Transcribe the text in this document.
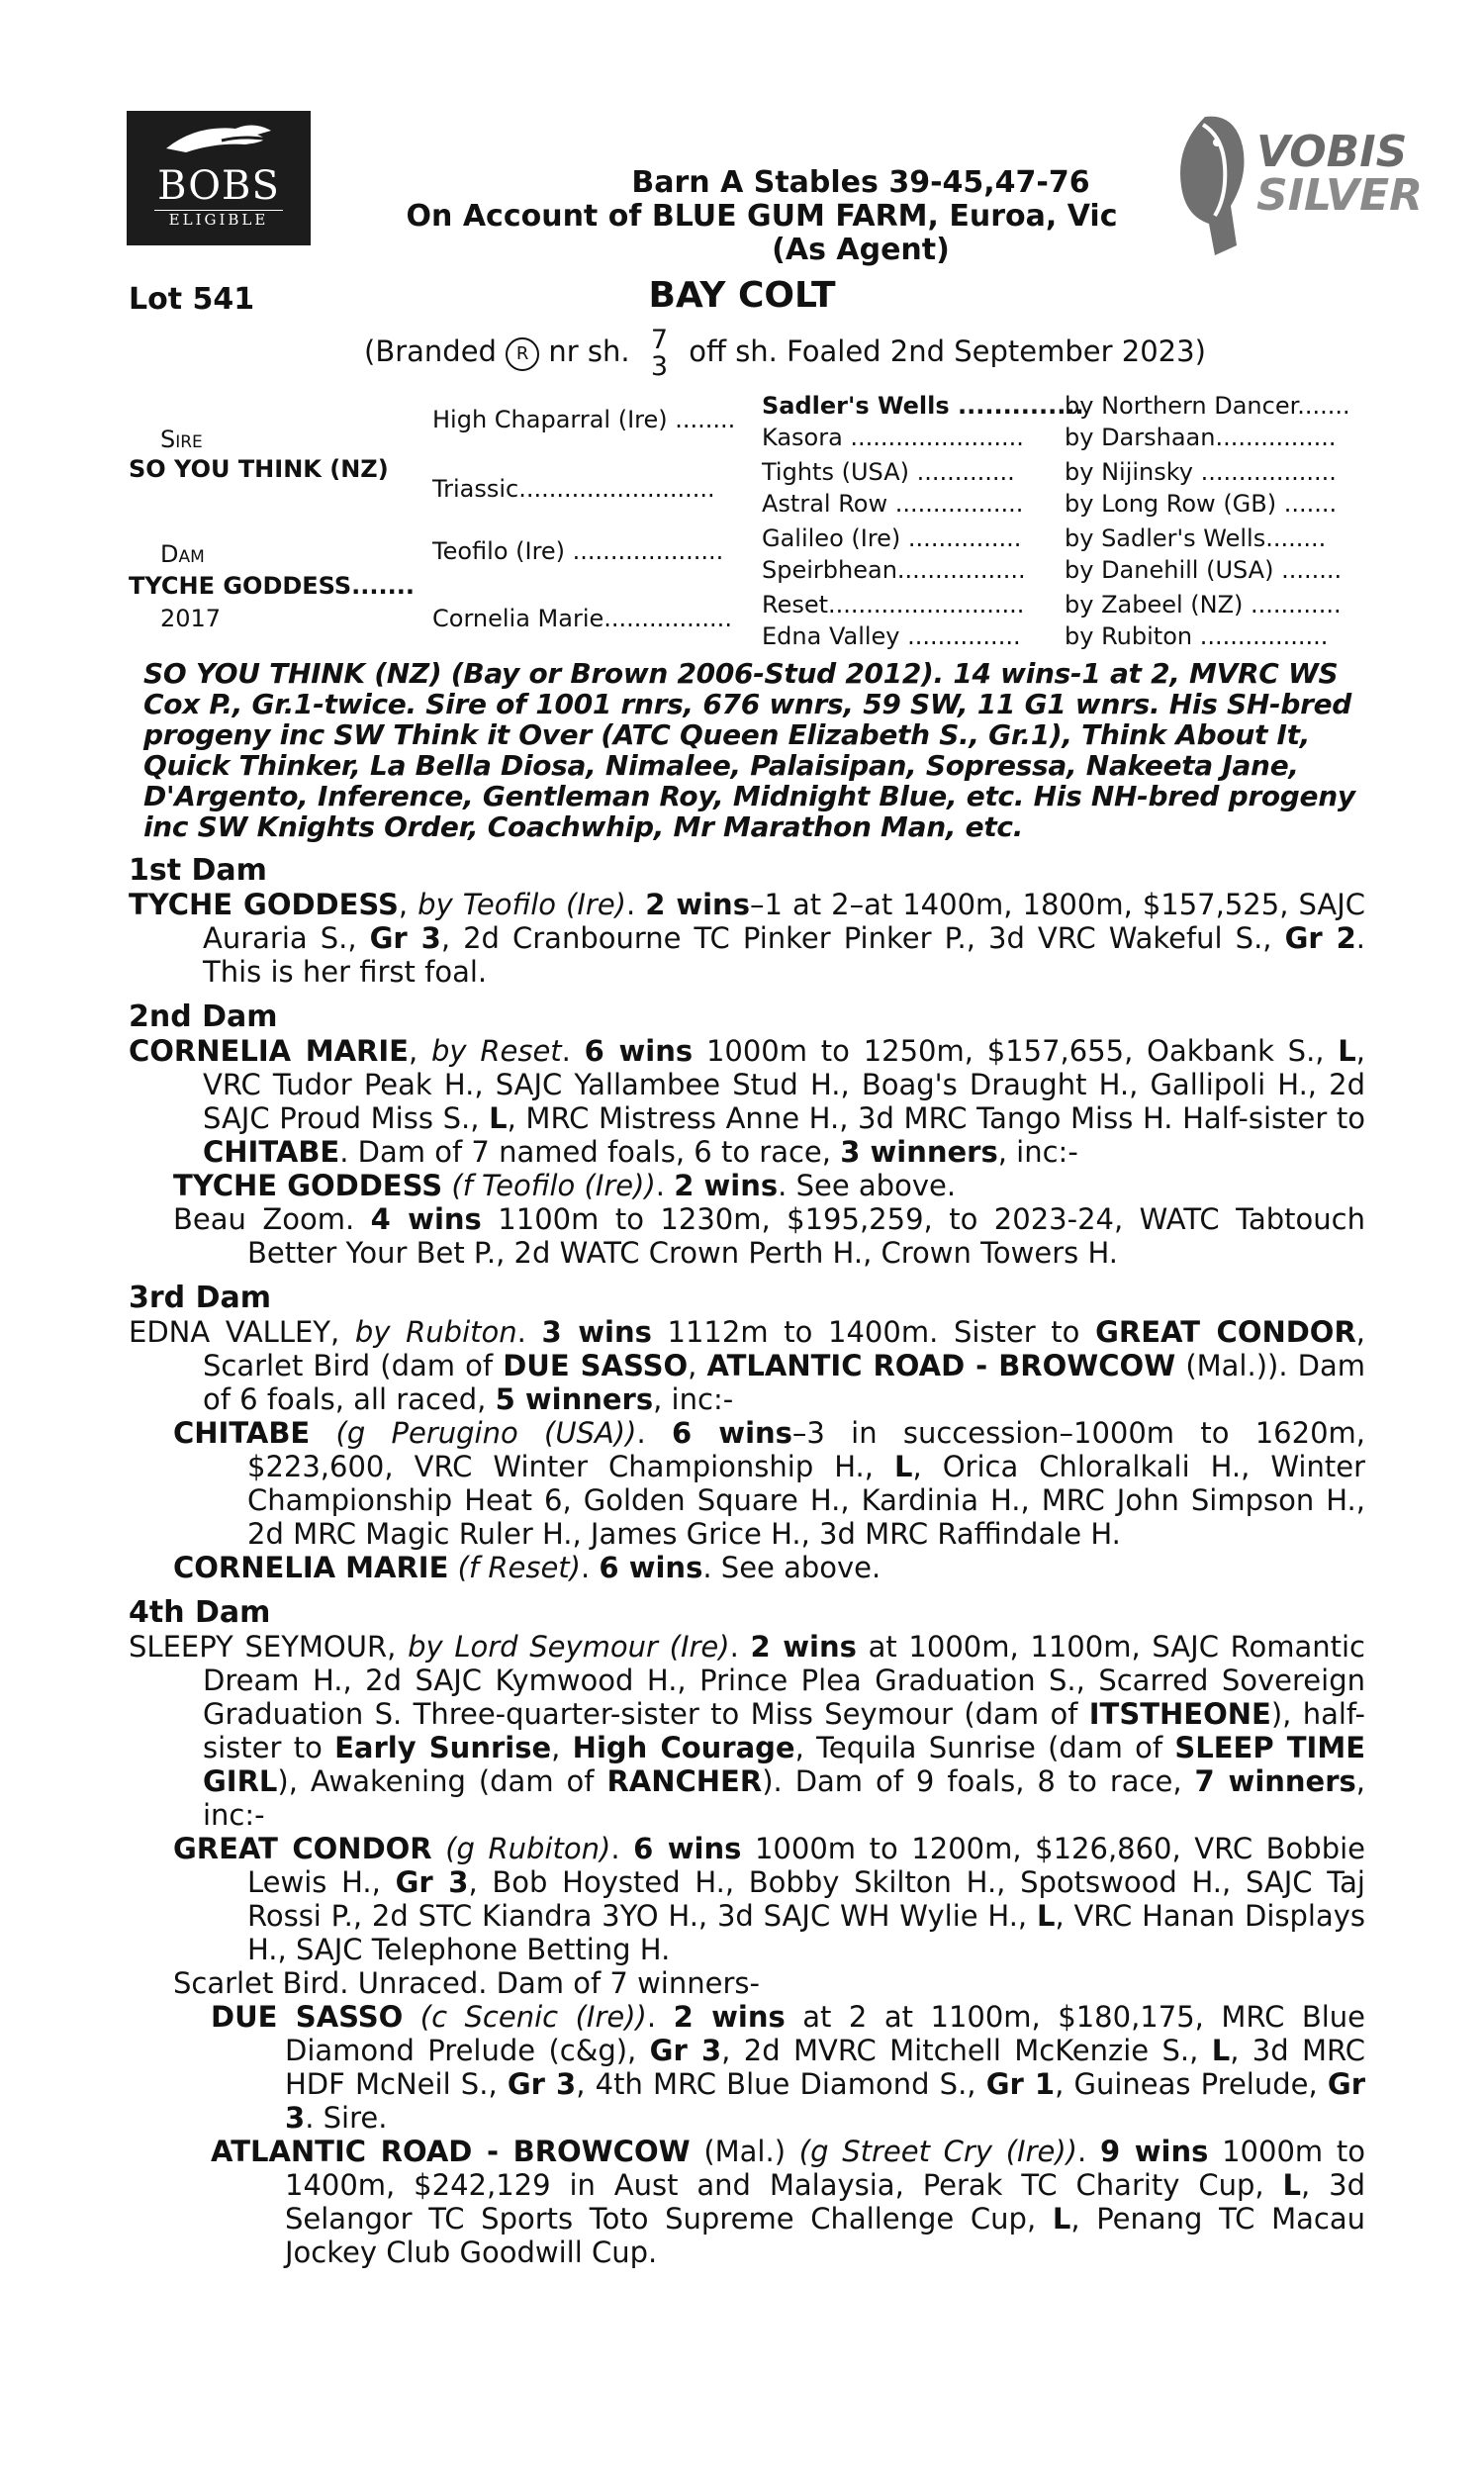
BOBS
ELIGIBLE
VOBIS
SILVER
Barn A Stables 39-45,47-76
On Account of BLUE GUM FARM, Euroa, Vic
(As Agent)
Lot 541	BAY COLT
(Branded R nr sh. 7
3 off sh. Foaled 2nd September 2023)
Sire
SO YOU THINK (NZ)
Dam
TYCHE GODDESS.......
2017
High Chaparral (Ire) ........
Triassic..........................
Teofilo (Ire) ....................
Cornelia Marie.................
Sadler's Wells ..............
Kasora .......................
Tights (USA) .............
Astral Row .................
Galileo (Ire) ...............
Speirbhean.................
Reset..........................
Edna Valley ...............
by Northern Dancer.......
by Darshaan................
by Nijinsky ..................
by Long Row (GB) .......
by Sadler's Wells........
by Danehill (USA) ........
by Zabeel (NZ) ............
by Rubiton .................
SO YOU THINK (NZ) (Bay or Brown 2006-Stud 2012). 14 wins-1 at 2, MVRC WS Cox P., Gr.1-twice. Sire of 1001 rnrs, 676 wnrs, 59 SW, 11 G1 wnrs. His SH-bred progeny inc SW Think it Over (ATC Queen Elizabeth S., Gr.1), Think About It, Quick Thinker, La Bella Diosa, Nimalee, Palaisipan, Sopressa, Nakeeta Jane, D'Argento, Inference, Gentleman Roy, Midnight Blue, etc. His NH-bred progeny inc SW Knights Order, Coachwhip, Mr Marathon Man, etc.
1st Dam
TYCHE GODDESS, by Teofilo (Ire). 2 wins–1 at 2–at 1400m, 1800m, $157,525, SAJC Auraria S., Gr 3, 2d Cranbourne TC Pinker Pinker P., 3d VRC Wakeful S., Gr 2. This is her first foal.
2nd Dam
CORNELIA MARIE, by Reset. 6 wins 1000m to 1250m, $157,655, Oakbank S., L, VRC Tudor Peak H., SAJC Yallambee Stud H., Boag's Draught H., Gallipoli H., 2d SAJC Proud Miss S., L, MRC Mistress Anne H., 3d MRC Tango Miss H. Half-sister to CHITABE. Dam of 7 named foals, 6 to race, 3 winners, inc:-
TYCHE GODDESS (f Teofilo (Ire)). 2 wins. See above.
Beau Zoom. 4 wins 1100m to 1230m, $195,259, to 2023-24, WATC Tabtouch Better Your Bet P., 2d WATC Crown Perth H., Crown Towers H.
3rd Dam
EDNA VALLEY, by Rubiton. 3 wins 1112m to 1400m. Sister to GREAT CONDOR, Scarlet Bird (dam of DUE SASSO, ATLANTIC ROAD - BROWCOW (Mal.)). Dam of 6 foals, all raced, 5 winners, inc:-
CHITABE (g Perugino (USA)). 6 wins–3 in succession–1000m to 1620m, $223,600, VRC Winter Championship H., L, Orica Chloralkali H., Winter Championship Heat 6, Golden Square H., Kardinia H., MRC John Simpson H., 2d MRC Magic Ruler H., James Grice H., 3d MRC Raffindale H.
CORNELIA MARIE (f Reset). 6 wins. See above.
4th Dam
SLEEPY SEYMOUR, by Lord Seymour (Ire). 2 wins at 1000m, 1100m, SAJC Romantic Dream H., 2d SAJC Kymwood H., Prince Plea Graduation S., Scarred Sovereign Graduation S. Three-quarter-sister to Miss Seymour (dam of ITSTHEONE), half-sister to Early Sunrise, High Courage, Tequila Sunrise (dam of SLEEP TIME GIRL), Awakening (dam of RANCHER). Dam of 9 foals, 8 to race, 7 winners, inc:-
GREAT CONDOR (g Rubiton). 6 wins 1000m to 1200m, $126,860, VRC Bobbie Lewis H., Gr 3, Bob Hoysted H., Bobby Skilton H., Spotswood H., SAJC Taj Rossi P., 2d STC Kiandra 3YO H., 3d SAJC WH Wylie H., L, VRC Hanan Displays H., SAJC Telephone Betting H.
Scarlet Bird. Unraced. Dam of 7 winners-
DUE SASSO (c Scenic (Ire)). 2 wins at 2 at 1100m, $180,175, MRC Blue Diamond Prelude (c&g), Gr 3, 2d MVRC Mitchell McKenzie S., L, 3d MRC HDF McNeil S., Gr 3, 4th MRC Blue Diamond S., Gr 1, Guineas Prelude, Gr 3. Sire.
ATLANTIC ROAD - BROWCOW (Mal.) (g Street Cry (Ire)). 9 wins 1000m to 1400m, $242,129 in Aust and Malaysia, Perak TC Charity Cup, L, 3d Selangor TC Sports Toto Supreme Challenge Cup, L, Penang TC Macau Jockey Club Goodwill Cup.
